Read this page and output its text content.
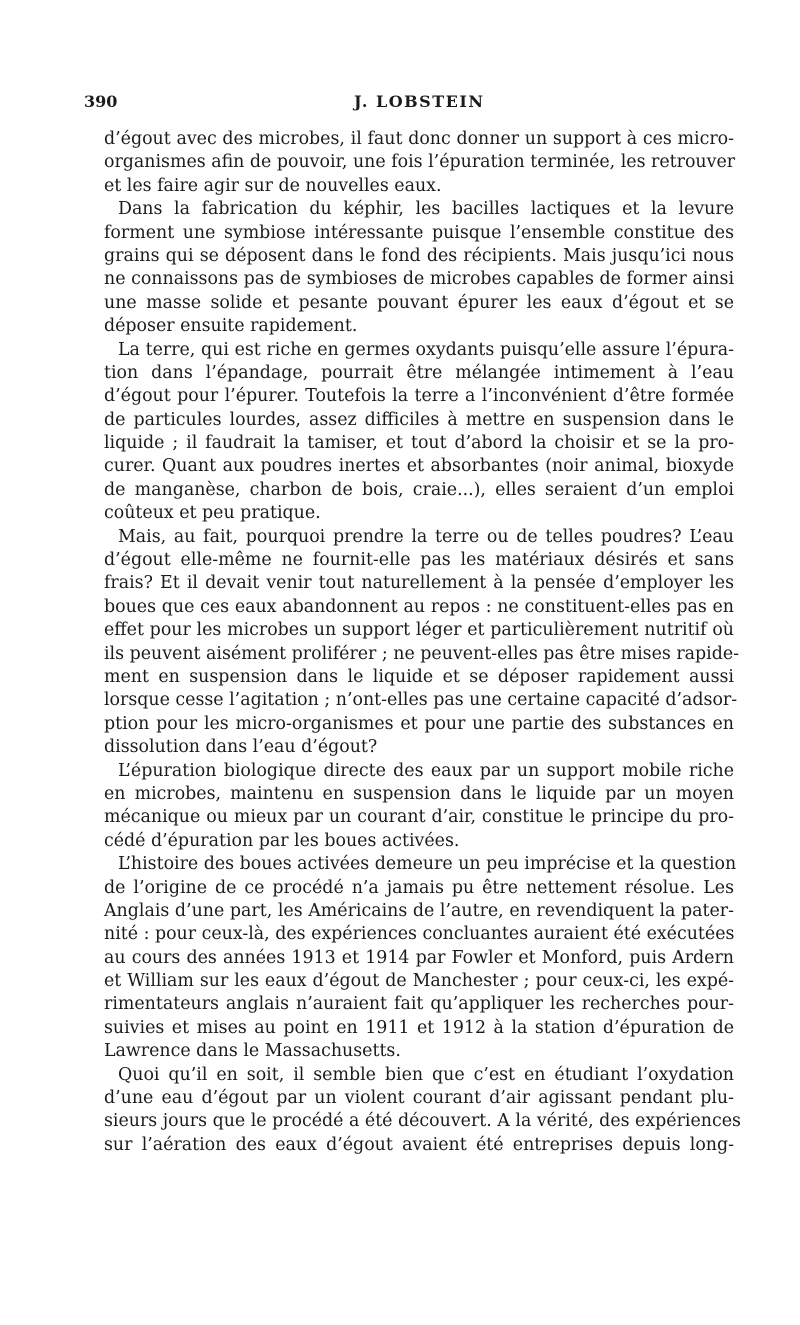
390	J. LOBSTEIN
d’égout avec des microbes, il faut donc donner un support à ces micro-
organismes afin de pouvoir, une fois l’épuration terminée, les retrouver
et les faire agir sur de nouvelles eaux.
Dans la fabrication du képhir, les bacilles lactiques et la levure
forment une symbiose intéressante puisque l’ensemble constitue des
grains qui se déposent dans le fond des récipients. Mais jusqu’ici nous
ne connaissons pas de symbioses de microbes capables de former ainsi
une masse solide et pesante pouvant épurer les eaux d’égout et se
déposer ensuite rapidement.
La terre, qui est riche en germes oxydants puisqu’elle assure l’épura-
tion dans l’épandage, pourrait être mélangée intimement à l’eau
d’égout pour l’épurer. Toutefois la terre a l’inconvénient d’être formée
de particules lourdes, assez difficiles à mettre en suspension dans le
liquide ; il faudrait la tamiser, et tout d’abord la choisir et se la pro-
curer. Quant aux poudres inertes et absorbantes (noir animal, bioxyde
de manganèse, charbon de bois, craie...), elles seraient d’un emploi
coûteux et peu pratique.
Mais, au fait, pourquoi prendre la terre ou de telles poudres? L’eau
d’égout elle-même ne fournit-elle pas les matériaux désirés et sans
frais? Et il devait venir tout naturellement à la pensée d’employer les
boues que ces eaux abandonnent au repos : ne constituent-elles pas en
effet pour les microbes un support léger et particulièrement nutritif où
ils peuvent aisément proliférer ; ne peuvent-elles pas être mises rapide-
ment en suspension dans le liquide et se déposer rapidement aussi
lorsque cesse l’agitation ; n’ont-elles pas une certaine capacité d’adsor-
ption pour les micro-organismes et pour une partie des substances en
dissolution dans l’eau d’égout?
L’épuration biologique directe des eaux par un support mobile riche
en microbes, maintenu en suspension dans le liquide par un moyen
mécanique ou mieux par un courant d’air, constitue le principe du pro-
cédé d’épuration par les boues activées.
L’histoire des boues activées demeure un peu imprécise et la question
de l’origine de ce procédé n’a jamais pu être nettement résolue. Les
Anglais d’une part, les Américains de l’autre, en revendiquent la pater-
nité : pour ceux-là, des expériences concluantes auraient été exécutées
au cours des années 1913 et 1914 par Fowler et Monford, puis Ardern
et William sur les eaux d’égout de Manchester ; pour ceux-ci, les expé-
rimentateurs anglais n’auraient fait qu’appliquer les recherches pour-
suivies et mises au point en 1911 et 1912 à la station d’épuration de
Lawrence dans le Massachusetts.
Quoi qu’il en soit, il semble bien que c’est en étudiant l’oxydation
d’une eau d’égout par un violent courant d’air agissant pendant plu-
sieurs jours que le procédé a été découvert. A la vérité, des expériences
sur l’aération des eaux d’égout avaient été entreprises depuis long-
